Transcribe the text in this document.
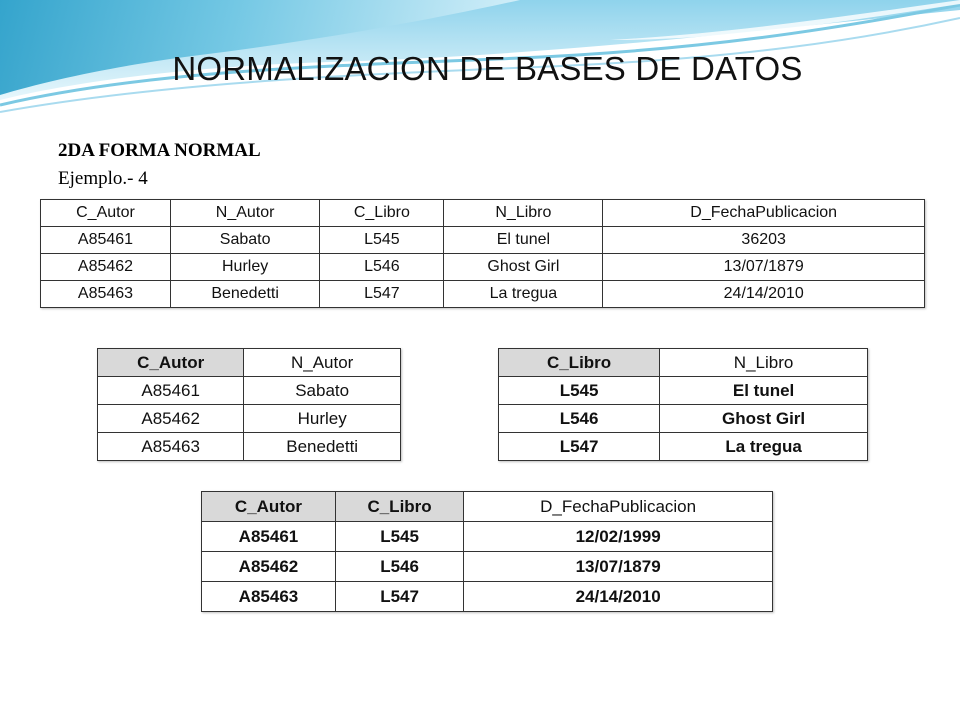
NORMALIZACION DE BASES DE DATOS
2DA FORMA NORMAL
Ejemplo.- 4
C_Autor	N_Autor	C_Libro	N_Libro	D_FechaPublicacion
A85461	Sabato	L545	El tunel	36203
A85462	Hurley	L546	Ghost Girl	13/07/1879
A85463	Benedetti	L547	La tregua	24/14/2010
C_Autor	N_Autor
A85461	Sabato
A85462	Hurley
A85463	Benedetti
C_Libro	N_Libro
L545	El tunel
L546	Ghost Girl
L547	La tregua
C_Autor	C_Libro	D_FechaPublicacion
A85461	L545	12/02/1999
A85462	L546	13/07/1879
A85463	L547	24/14/2010
